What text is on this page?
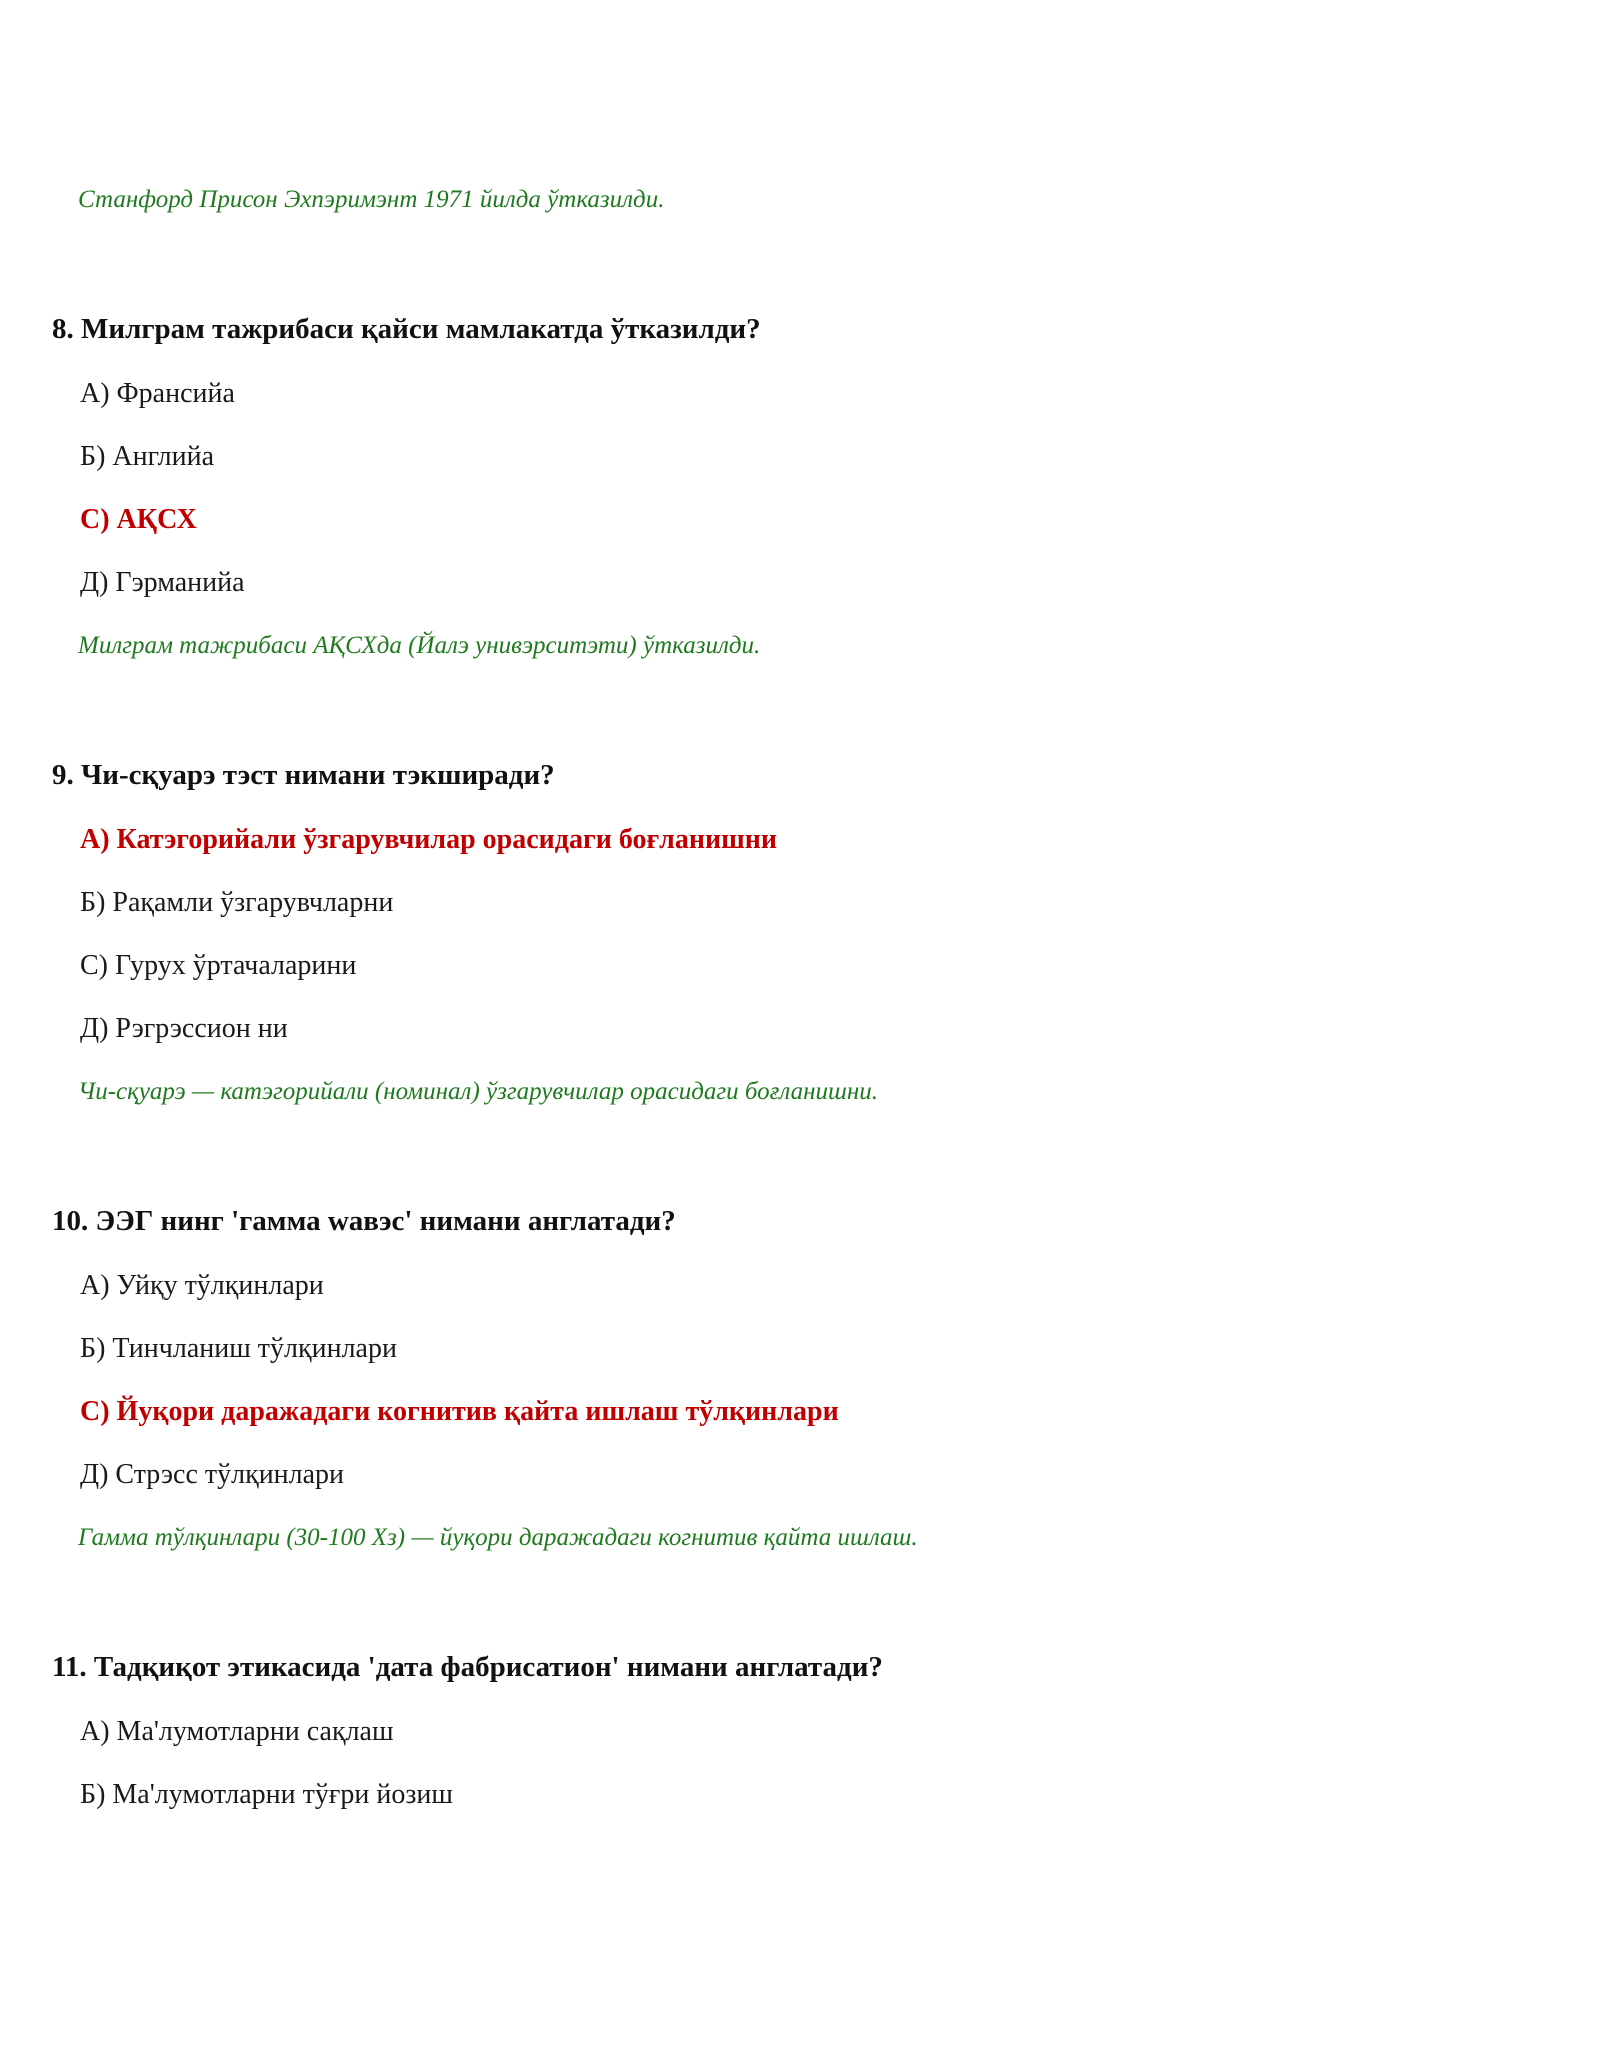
Станфорд Присон Эхпэримэнт 1971 йилда ўтказилди.
8. Милграм тажрибаси қайси мамлакатда ўтказилди?
А) Франсийа
Б) Английа
С) АҚСХ
Д) Гэрманийа
Милграм тажрибаси АҚСХда (Йалэ унивэрситэти) ўтказилди.
9. Чи-сқуарэ тэст нимани тэкширади?
А) Катэгорийали ўзгарувчилар орасидаги боғланишни
Б) Рақамли ўзгарувчларни
С) Гурух ўртачаларини
Д) Рэгрэссион ни
Чи-сқуарэ — катэгорийали (номинал) ўзгарувчилар орасидаги боғланишни.
10. ЭЭГ нинг 'гамма wавэс' нимани англатади?
А) Уйқу тўлқинлари
Б) Тинчланиш тўлқинлари
С) Йуқори даражадаги когнитив қайта ишлаш тўлқинлари
Д) Стрэсс тўлқинлари
Гамма тўлқинлари (30-100 Хз) — йуқори даражадаги когнитив қайта ишлаш.
11. Тадқиқот этикасида 'дата фабрисатион' нимани англатади?
А) Ма'лумотларни сақлаш
Б) Ма'лумотларни тўғри йозиш
